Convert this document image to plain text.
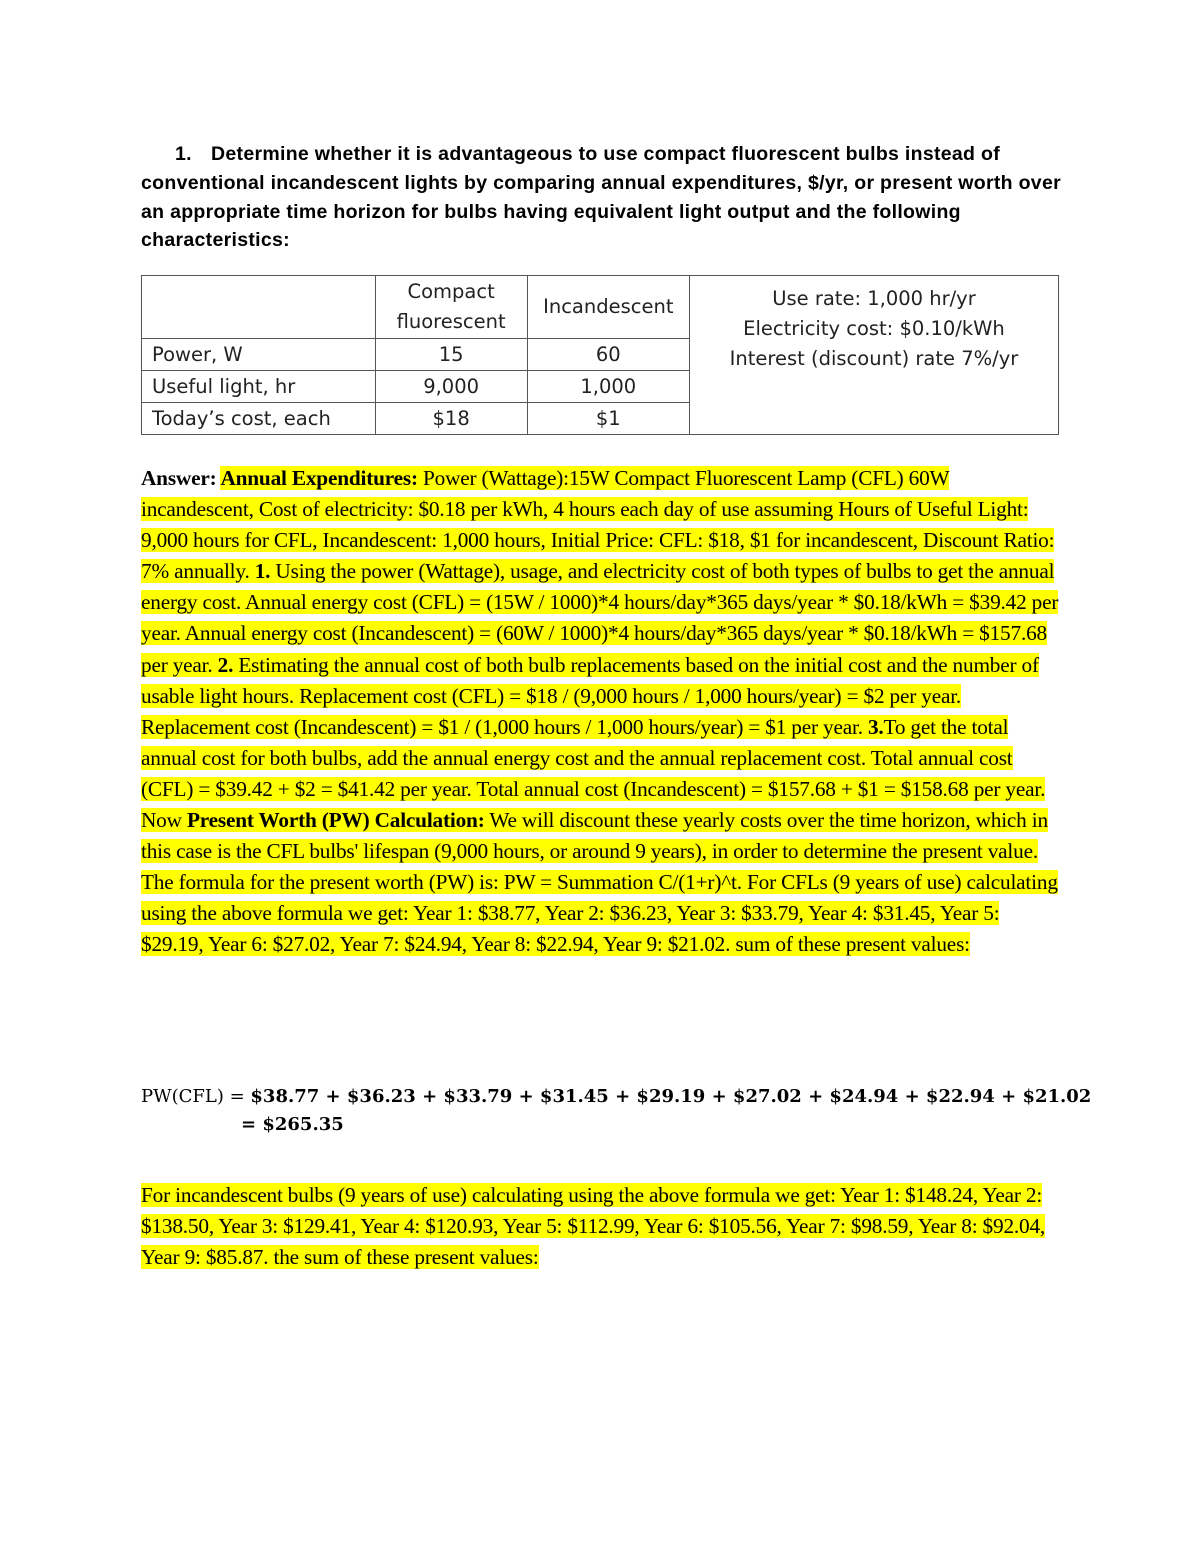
1. Determine whether it is advantageous to use compact fluorescent bulbs instead of conventional incandescent lights by comparing annual expenditures, $/yr, or present worth over an appropriate time horizon for bulbs having equivalent light output and the following characteristics:
	Compact fluorescent	Incandescent	Use rate: 1,000 hr/yr
Electricity cost: $0.10/kWh
Interest (discount) rate 7%/yr

Power, W	15	60	
Useful light, hr	9,000	1,000	
Today’s cost, each	$18	$1	
Answer: Annual Expenditures: Power (Wattage):15W Compact Fluorescent Lamp (CFL) 60W incandescent, Cost of electricity: $0.18 per kWh, 4 hours each day of use assuming Hours of Useful Light: 9,000 hours for CFL, Incandescent: 1,000 hours, Initial Price: CFL: $18, $1 for incandescent, Discount Ratio: 7% annually. 1. Using the power (Wattage), usage, and electricity cost of both types of bulbs to get the annual energy cost. Annual energy cost (CFL) = (15W / 1000)*4 hours/day*365 days/year * $0.18/kWh = $39.42 per year. Annual energy cost (Incandescent) = (60W / 1000)*4 hours/day*365 days/year * $0.18/kWh = $157.68 per year. 2. Estimating the annual cost of both bulb replacements based on the initial cost and the number of usable light hours. Replacement cost (CFL) = $18 / (9,000 hours / 1,000 hours/year) = $2 per year. Replacement cost (Incandescent) = $1 / (1,000 hours / 1,000 hours/year) = $1 per year. 3.To get the total annual cost for both bulbs, add the annual energy cost and the annual replacement cost. Total annual cost (CFL) = $39.42 + $2 = $41.42 per year. Total annual cost (Incandescent) = $157.68 + $1 = $158.68 per year. Now Present Worth (PW) Calculation: We will discount these yearly costs over the time horizon, which in this case is the CFL bulbs' lifespan (9,000 hours, or around 9 years), in order to determine the present value.
The formula for the present worth (PW) is: PW = Summation C/(1+r)^t. For CFLs (9 years of use) calculating using the above formula we get: Year 1: $38.77, Year 2: $36.23, Year 3: $33.79, Year 4: $31.45, Year 5: $29.19, Year 6: $27.02, Year 7: $24.94, Year 8: $22.94, Year 9: $21.02. sum of these present values:
PW(CFL) = $38.77 + $36.23 + $33.79 + $31.45 + $29.19 + $27.02 + $24.94 + $22.94 + $21.02
= $265.35
For incandescent bulbs (9 years of use) calculating using the above formula we get: Year 1: $148.24, Year 2: $138.50, Year 3: $129.41, Year 4: $120.93, Year 5: $112.99, Year 6: $105.56, Year 7: $98.59, Year 8: $92.04, Year 9: $85.87. the sum of these present values:
